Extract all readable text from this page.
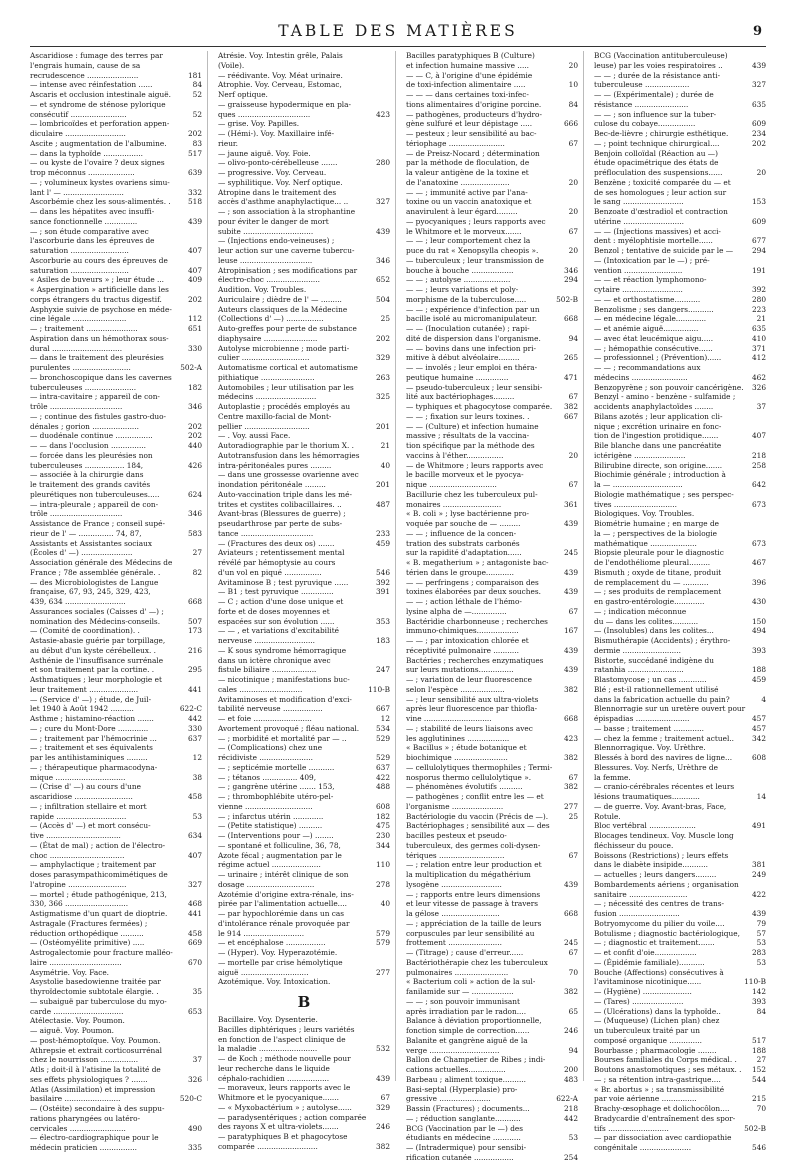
TABLE DES MATIÈRES	9
Ascaridiose : fumage des terres par
l'engrais humain, cause de sa
recrudescence ......................	181
— intense avec réinfestation ......	84
Ascaris et occlusion intestinale aiguë.	52
— et syndrome de sténose pylorique
consécutif ........................	52
— lombricoïdes et perforation appen-
diculaire ..........................	202
Ascite ; augmentation de l'albumine.	83
— dans la typhoïde .................	517
— ou kyste de l'ovaire ? deux signes
trop méconnus ....................	639
— ; volumineux kystes ovariens simu-
lant l' — ..........................	332
Ascorbémie chez les sous-alimentés. .	518
— dans les hépatites avec insuffi-
sance fonctionnelle ..............	439
— ; son étude comparative avec
l'ascorburie dans les épreuves de
saturation .........................	407
Ascorburie au cours des épreuves de
saturation .........................	407
« Asiles de buveurs » ; leur étude ...	409
« Aspergination » artificielle dans les
corps étrangers du tractus digestif.	202
Asphyxie suivie de psychose en méde-
cine légale .......................	112
— ; traitement ......................	651
Aspiration dans un hémothorax sous-
dural ..............................	330
— dans le traitement des pleurésies
purulentes .........................	502-A
— bronchoscopique dans les cavernes
tuberculeuses ......................	182
— intra-cavitaire ; appareil de con-
trôle ...............................	346
— ; continue des fistules gastro-duo-
dénales ; gorion ....................	202
— duodénale continue ................	202
— — dans l'occlusion ...............	440
— forcée dans les pleurésies non
tuberculeuses ................. 184,	426
— associée à la chirurgie dans
le traitement des grands cavités
pleurétiques non tuberculeuses.....	624
— intra-pleurale ; appareil de con-
trôle ...............................	346
Assistance de France ; conseil supé-
rieur de l' — ............... 74, 87,	583
Assistants et Assistantes sociaux
(Écoles d' —) ......................	27
Association générale des Médecins de
France ; 78e assemblée générale. .	82
— des Microbiologistes de Langue
française, 67, 93, 245, 329, 423,
439, 634 ..........................	668
Assurances sociales (Caisses d' —) ;
nomination des Médecins-conseils.	507
— (Comité de coordination). .	173
Astasie-abasie guérie par torpillage,
au début d'un kyste cérébelleux. .	216
Asthénie de l'insuffisance surrénale
et son traitement par la cortine. .	295
Asthmatiques ; leur morphologie et
leur traitement .....................	441
— (Service d' —) ; étude, de Juil-
let 1940 à Août 1942 ..........	622-C
Asthme ; histamino-réaction .......	442
— ; cure du Mont-Dore .............	330
— ; traitement par l'hémocrinie ...	637
— ; traitement et ses équivalents
par les antihistaminiques .........	12
— ; thérapeutique pharmacodyna-
mique ..............................	38
— (Crise d' —) au cours d'une
ascaridiose .........................	458
— ; infiltration stellaire et mort
rapide ..............................	53
— (Accès d' —) et mort consécu-
tive ................................	634
— (État de mal) ; action de l'électro-
choc ................................	407
— amphylactique ; traitement par
doses parasympathicomimétiques de
l'atropine .........................	327
— mortel ; étude pathogénique, 213,
330, 366 ...........................	468
Astigmatisme d'un quart de dioptrie.	441
Astragale (Fractures fermées) ;
réduction orthopédique ..........	458
— (Ostéomyélite primitive) .....	669
Astrogalectomie pour fracture malléo-
laire ...............................	670
Asymétrie. Voy. Face.
Asystolie basedowienne traitée par
thyroïdectomie subtotale élargie. .	35
— subaiguë par tuberculose du myo-
carde ..............................	653
Atélectasie. Voy. Poumon.
— aiguë. Voy. Poumon.
— post-hémoptoïque. Voy. Poumon.
Athrepsie et extrait corticosurrénal
chez le nourrisson ................	37
Atls ; doit-il à l'atisine la totalité de
ses effets physiologiques ? .......	326
Atlas (Assimilation) et impression
basilaire ........................	520-C
— (Ostéite) secondaire à des suppu-
rations pharyngées ou latéro-
cervicales ........................	490
— électro-cardiographique pour le
médecin praticien ................	335
Atrésie. Voy. Intestin grêle, Palais
(Voile).
— réédivante. Voy. Méat urinaire.
Atrophie. Voy. Cerveau, Estomac,
Nerf optique.
— graisseuse hypodermique en pla-
ques ...............................	423
— grise. Voy. Papilles.
— (Hémi-). Voy. Maxillaire infé-
rieur.
— jaune aiguë. Voy. Foie.
— olivo-ponto-cérébelleuse .......	280
— progressive. Voy. Cerveau.
— syphilitique. Voy. Nerf optique.
Atropine dans le traitement des
accès d'asthme anaphylactique... ..	327
— ; son association à la strophantine
pour éviter le danger de mort
subite ..............................	439
— (Injections endo-veineuses) ;
leur action sur une caverne tubercu-
leuse ...............................	346
Atropinisation ; ses modifications par
électro-choc .......................	652
Audition. Voy. Troubles.
Auriculaire ; dièdre de l' — .........	504
Auteurs classiques de la Médecine
(Collections d' —) ................	25
Auto-greffes pour perte de substance
diaphysaire .......................	202
Autolyse microbienne ; mode parti-
culier .............................	329
Automatisme cortical et automatisme
pithiatique .......................	263
Automobiles ; leur utilisation par les
médecins ..........................	325
Autoplastie ; procédés employés au
Centre maxillo-facial de Mont-
pellier ............................	201
— . Voy. aussi Face.
Autoradiographie par le thorium X. .	21
Autotransfusion dans les hémorragies
intra-péritonéales pures .........	40
— dans une grossesse ovarienne avec
inondation péritonéale .........	201
Auto-vaccination triple dans les mé-
trites et cystites colibacillaires. ..	487
Avant-bras (Blessures de guerre) ;
pseudarthrose par perte de subs-
tance ...............................	233
— (Fractures des deux os) .......	459
Aviateurs ; retentissement mental
révélé par hémoptysie au cours
d'un vol en piqué ................	546
Avitaminose B ; test pyruvique ......	392
— B1 ; test pyruvique ..............	391
— C ; action d'une dose unique et
forte et de doses moyennes et
espacées sur son évolution ......	353
— — , et variations d'excitabilité
nerveuse ..........................	183
— K sous syndrome hémorragique
dans un ictère chronique avec
fistule biliaire ...................	247
— nicotinique ; manifestations buc-
cales ...........................	110-B
Avitaminoses et modification d'exci-
tabilité nerveuse .................	667
— et foie .........................	12
Avortement provoqué ; fléau national.	534
— ; morbidité et mortalité par — ..	529
— (Complications) chez une
récidiviste .......................	529
— ; septicémie mortelle ...........	637
— ; tétanos ............... 409,	422
— ; gangrène utérine ....... 153,	488
— ; thrombophlébite utéro-pel-
vienne .............................	608
— ; infarctus utérin .............	182
— (Petite statistique) ..........	475
— (Interventions pour —) ........	230
— spontané et folliculine, 36, 78,	344
Azote fécal ; augmentation par le
régime actuel .....................	110
— urinaire ; intérêt clinique de son
dosage .............................	278
Azotémie d'origine extra-rénale, ins-
pirée par l'alimentation actuelle....	40
— par hypochlorémie dans un cas
d'intolérance rénale provoquée par
le 914 ..........................	579
— et encéphalose .................	579
— (Hyper). Voy. Hyperazotémie.
— mortelle par crise hémolytique
aiguë .............................	277
Azotémique. Voy. Intoxication.
B
Bacillaire. Voy. Dysenterie.
Bacilles diphtériques ; leurs variétés
en fonction de l'aspect clinique de
la maladie .........................	532
— de Koch ; méthode nouvelle pour
leur recherche dans le liquide
céphalo-rachidien ..................	439
— moraveux, leurs rapports avec le
Whitmore et le pyocyanique.......	67
— « Myxobactérium » ; autolyse......	329
— paradysentériques ; action comparée
des rayons X et ultra-violets.......	246
— paratyphiques B et phagocytose
comparée ..........................	382
Bacilles paratyphiques B (Culture)
et infection humaine massive .....	20
— — C, à l'origine d'une épidémie
de toxi-infection alimentaire .....	10
— — — dans certaines toxi-infec-
tions alimentaires d'origine porcine.	84
— pathogènes, producteurs d'hydro-
gène sulfuré et leur dépistage .....	666
— pesteux ; leur sensibilité au bac-
tériophage ........................	67
— de Preisz-Nocard ; détermination
par la méthode de floculation, de
la valeur antigène de la toxine et
de l'anatoxine .....................	20
— — ; immunité active par l'ana-
toxine ou un vaccin anatoxique et
anavirulent à leur égard.........	20
— pyocyaniques ; leurs rapports avec
le Whitmore et le morveux.......	67
— — ; leur comportement chez la
puce du rat « Xenopsylla cheopis ».	20
— tuberculeux ; leur transmission de
bouche à bouche ..................	346
— — ; autolyse ....................	294
— — ; leurs variations et poly-
morphisme de la tuberculose.....	502-B
— — ; expérience d'infection par un
bacille isolé au micromanipulateur.	668
— — (Inoculation cutanée) ; rapi-
dité de dispersion dans l'organisme.	94
— — bovins dans une infection pri-
mitive à début alvéolaire.........	265
— — involés ; leur emploi en théra-
peutique humaine ..............	471
— pseudo-tuberculeux ; leur sensibi-
lité aux bactériophages.........	67
— typhiques et phagocytose comparée.	382
— — ; fixation sur leurs toxines. .	667
— — (Culture) et infection humaine
massive ; résultats de la vaccina-
tion spécifique par la méthode des
vaccins à l'éther................	20
— de Whitmore ; leurs rapports avec
le bacille morveux et le pyocya-
nique .............................	67
Bacillurie chez les tuberculeux pul-
monaires .........................	361
« B. coli » ; lyse bactérienne pro-
voquée par souche de — .........	439
— — ; influence de la concen-
tration des substrats carbonés
sur la rapidité d'adaptation......	245
« B. megatherium » ; antagoniste bac-
térien dans le groupe............	439
— — perfringens ; comparaison des
toxines élaborées par deux souches.	439
— — ; action léthale de l'hémo-
lysine alpha de —...............	67
Bactéridie charbonneuse ; recherches
immuno-chimiques..................	167
— — ; par intoxication chlorée et
réceptivité pulmonaire ...........	439
Bactéries ; recherches enzymatiques
sur leurs mutations...............	439
— ; variation de leur fluorescence
selon l'espèce ...................	382
— ; leur sensibilité aux ultra-violets
après leur fluorescence par thiofla-
vine .............................	668
— ; stabilité de leurs liaisons avec
les agglutinines ..................	423
« Bacillus » ; étude botanique et
biochimique .......................	382
— cellulolytiques thermophiles ; Termi-
nosporus thermo cellulolytique ».	67
— phénomènes évolutifs ..........	382
— pathogènes ; conflit entre les — et
l'organisme ......................	277
Bactériologie du vaccin (Précis de —).	25
Bactériophages ; sensibilité aux — des
bacilles pesteux et pseudo-
tuberculeux, des germes coli-dysen-
tériques ............................	67
— ; relation entre leur production et
la multiplication du mégathérium
lysogène ..........................	439
— ; rapports entre leurs dimensions
et leur vitesse de passage à travers
la gélose .........................	668
— ; appréciation de la taille de leurs
corpuscules par leur sensibilité au
frottement .......................	245
— (Titrage) ; cause d'erreur......	67
Bactériothérapie chez les tuberculeux
pulmonaires .......................	70
« Bacterium coli » action de la sul-
fanilamide sur — ..................	382
— — ; son pouvoir immunisant
après irradiation par le radon....	65
Balance à déviation proportionnelle,
fonction simple de correction......	246
Balanite et gangrène aiguë de la
verge ..............................	94
Ballon de Champetier de Ribes ; indi-
cations actuelles................	200
Barbeau ; aliment toxique..........	483
Basi-septal (Hyperplasie) pro-
gressive ......................	622-A
Bassin (Fractures) ; documents...	218
— ; réduction sanglante...........	442
BCG (Vaccination par le —) des
étudiants en médecine ............	53
— (Intradermique) pour sensibi-
rification cutanée .................	254
BCG (Vaccination antituberculeuse)
leuse) par les voies respiratoires ..	439
— — ; durée de la résistance anti-
tuberculeuse ...................	327
— — (Expérimentale) ; durée de
résistance .......................	635
— — ; son influence sur la tuber-
culose du cobaye................	609
Bec-de-lièvre ; chirurgie esthétique.	234
— ; point technique chirurgical....	202
Benjoin colloïdal (Réaction au —)
étude opacimétrique des états de
préfloculation des suspensions......	20
Benzène ; toxicité comparée du — et
de ses homologues ; leur action sur
le sang ..........................	153
Benzoate d'œstradiol et contraction
utérine ..........................	609
— — (Injections massives) et acci-
dent : myélophtisie mortelle......	677
Benzol ; tentative de suicide par le —	294
— (Intoxication par le —) ; pré-
vention .........................	191
— — et réaction lymphomono-
cytaire ..........................	392
— — et orthostatisme...........	280
Benzolisme ; ses dangers...........	223
— en médecine légale.............	21
— et anémie aiguë...............	635
— avec état leucémique aigu.....	410
— ; hémopathie consécutive......	371
— professionnel ; (Prévention)......	412
— — ; recommandations aux
médecins ........................	462
Benzopyrène ; son pouvoir cancérigène.	326
Benzyl - amino - benzène - sulfamide ;
accidents anaphylactoïdes ........	37
Bilans azotés ; leur application cli-
nique ; excrétion urinaire en fonc-
tion de l'ingestion protidique.......	407
Bile blanche dans une pancréatite
ictérigène ......................	218
Bilirubine directe, son origine.......	258
Biochimie générale ; introduction à
la — ..............................	642
Biologie mathématique ; ses perspec-
tives ...........................	673
Biologiques. Voy. Troubles.
Biométrie humaine ; en marge de
la — ; perspectives de la biologie
mathématique ....................	673
Biopsie pleurale pour le diagnostic
de l'endothéliome pleural.........	467
Bismuth ; oxyde de titane, produit
de remplacement du — ...........	396
— ; ses produits de remplacement
en gastro-entérologie.............	430
— ; indication méconnue
du — dans les colites...........	150
— (Insolubles) dans les colites...	494
Bismuthérapie (Accidents) ; érythro-
dermie .........................	393
Bistorte, succédané indigène du
ratanhia ........................	188
Blastomycose ; un cas ............	459
Blé ; est-il rationnellement utilisé
dans la fabrication actuelle du pain?	4
Blennorragie sur un uretère ouvert pour
épispadias .......................	457
— basse ; traitement .............	457
— chez la femme ; traitement actuel..	342
Blennorragique. Voy. Urèthre.
Blessés à bord des navires de ligne...	608
Blessures. Voy. Nerfs, Urèthre de
la femme.
— cranio-cérébrales récentes et leurs
lésions traumatiques............	14
— de guerre. Voy. Avant-bras, Face,
Rotule.
Bloc vertébral ....................	491
Blocages tendineux. Voy. Muscle long
fléchisseur du pouce.
Boissons (Restrictions) ; leurs effets
dans le diabète insipide...........	381
— actuelles ; leurs dangers.........	249
Bombardements aériens ; organisation
sanitaire .........................	422
— ; nécessité des centres de trans-
fusion ..........................	439
Botryomycome du pilier du voile....	79
Botulisme ; diagnostic bactériologique,	57
— ; diagnostic et traitement.......	53
— et confit d'oie..................	283
— (Épidémie familiale)...........	53
Bouche (Affections) consécutives à
l'avitaminose nicotinique......	110-B
— (Hygiène) .....................	142
— (Tares) ......................	393
— (Ulcérations) dans la typhoïde..	84
— (Muqueuse) (Lichen plan) chez
un tuberculeux traité par un
composé organique ..............	517
Bourbasse ; pharmacologie ........	188
Bourses familiales du Corps médical. .	27
Boutons anastomotiques ; ses métaux. .	152
— ; sa rétention intra-gastrique....	544
« Br. abortus » ; sa transmissibilité
par voie aérienne ...............	215
Brachy-œsophage et dolichocôlon....	70
Bradycardie d'entraînement des spor-
tifs ..........................	502-B
— par dissociation avec cardiopathie
congénitale ......................	546
